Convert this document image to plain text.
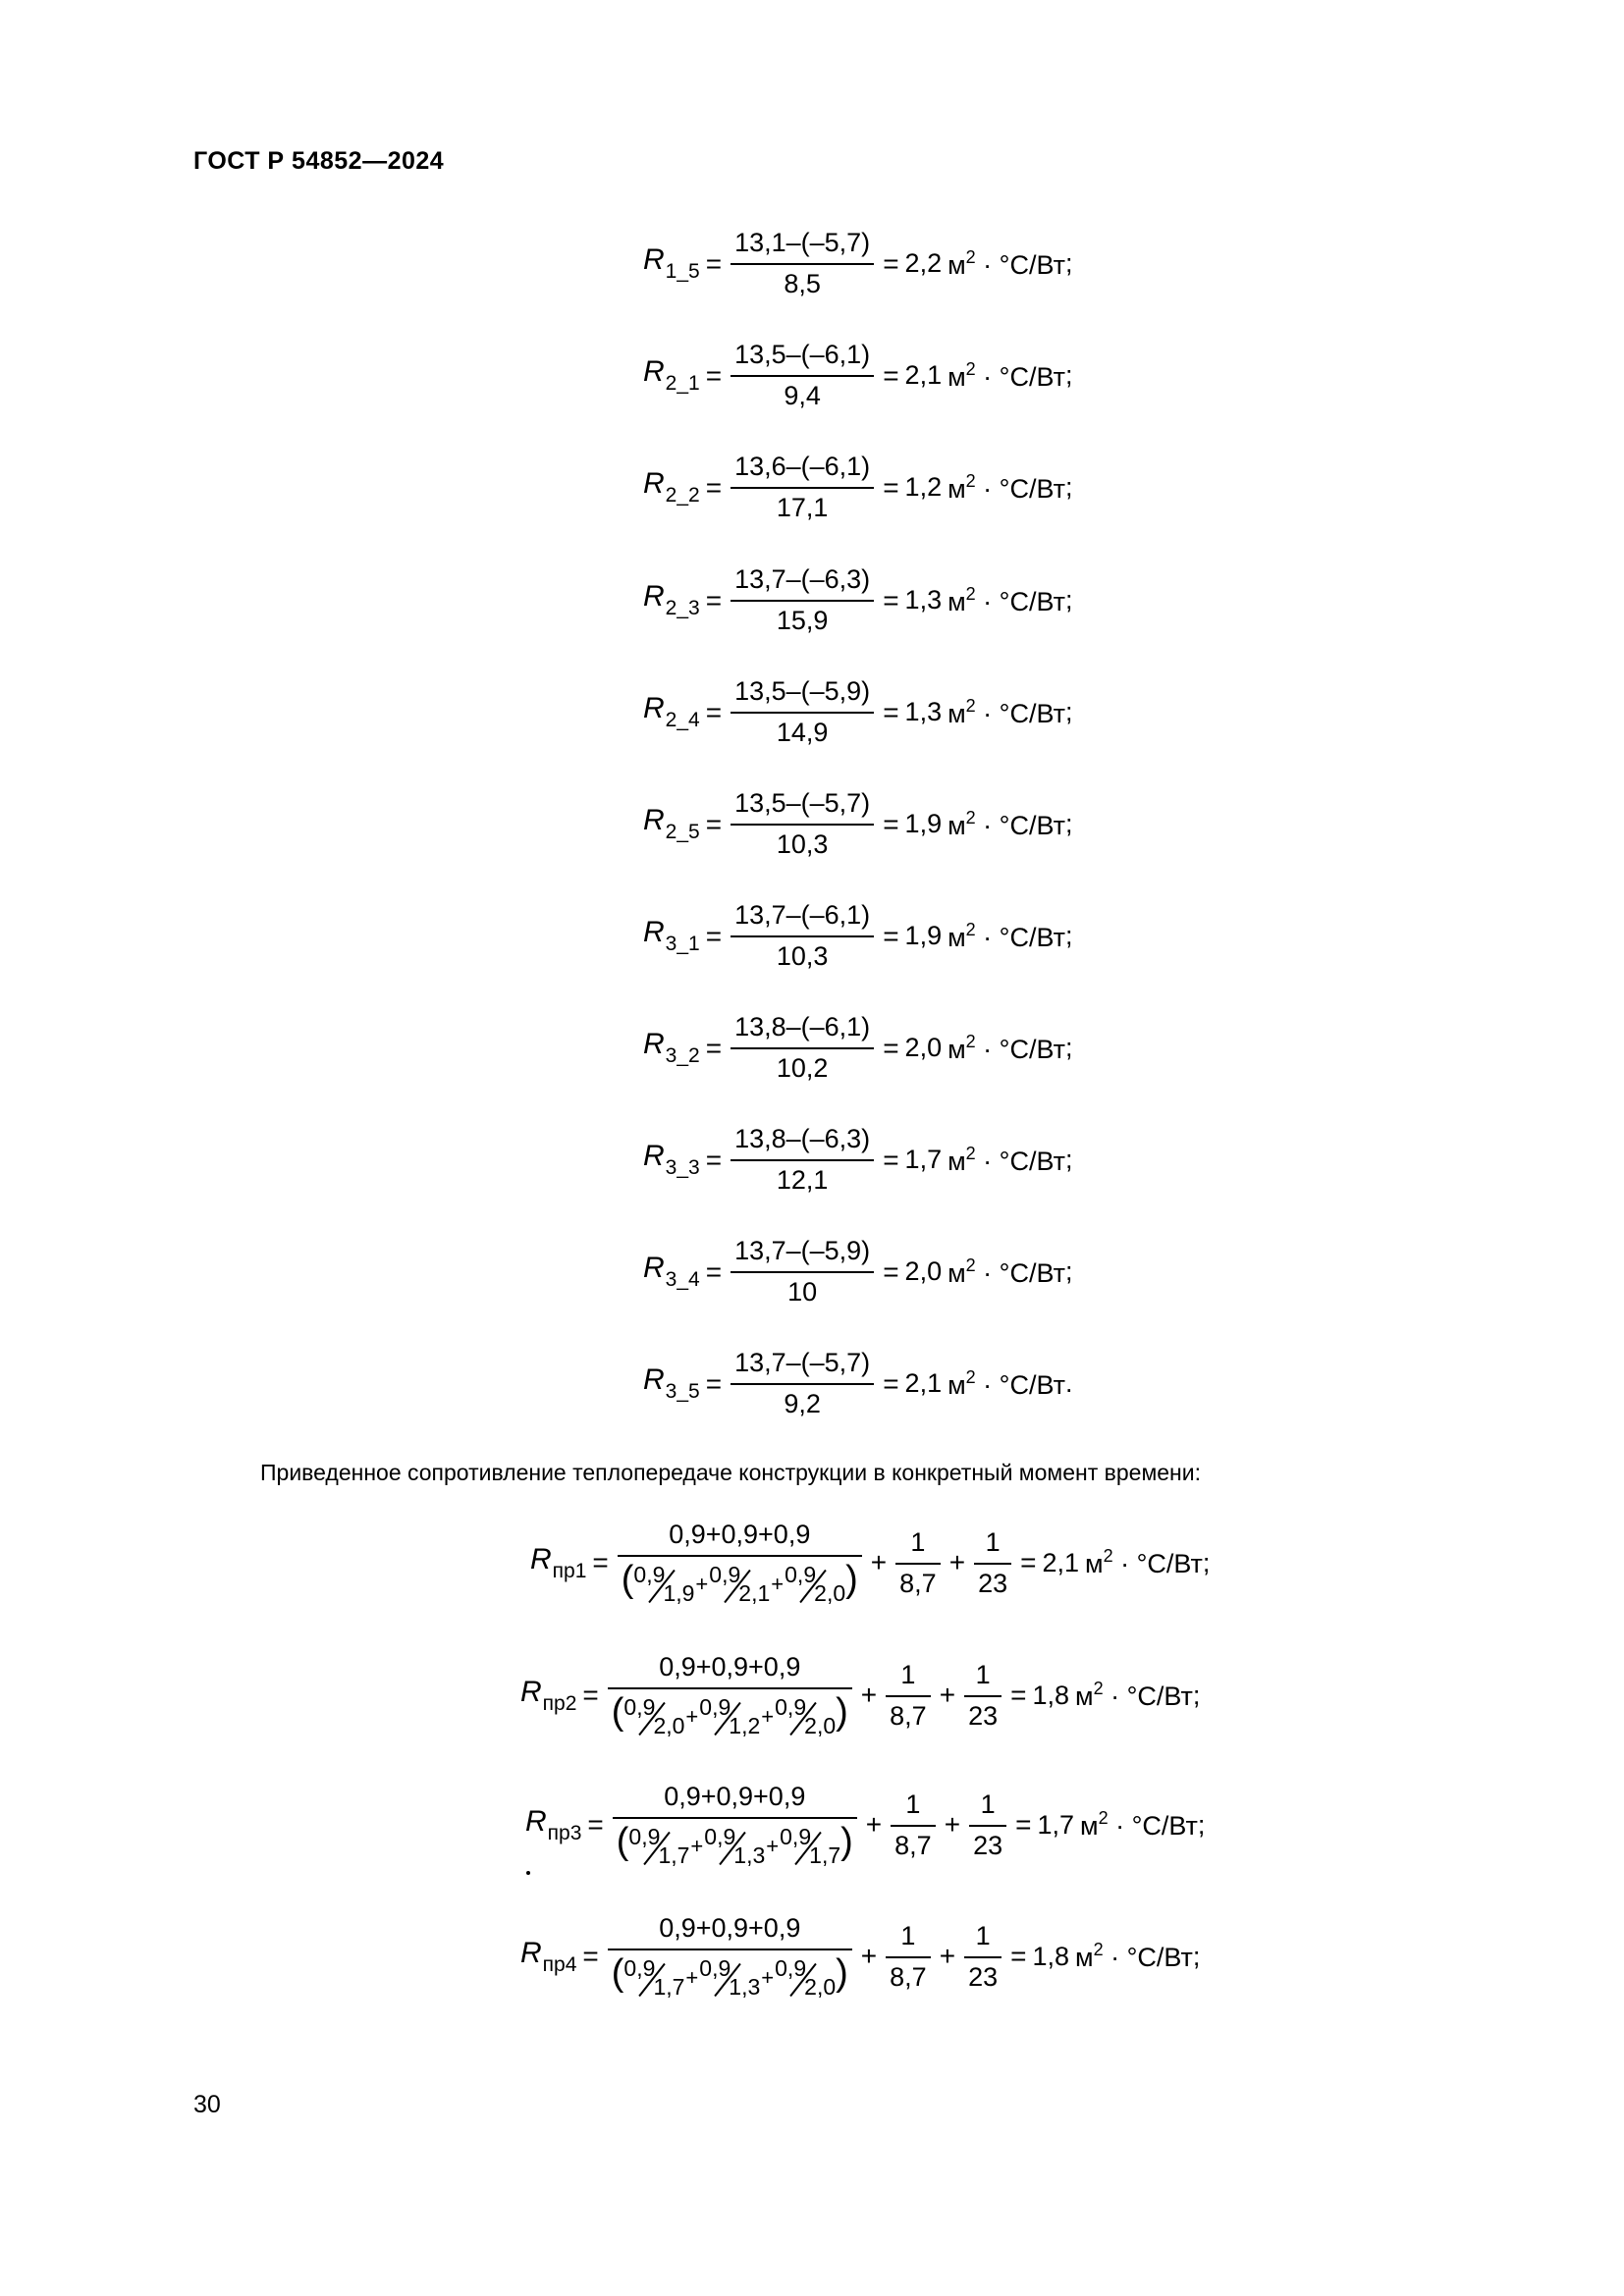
ГОСТ Р 54852—2024
$R_{1\_5} = \frac{13,1-(-5,7)}{8,5} = 2,2$ $м^2 \cdot ^\circ С/Вт$ ;
$R_{2\_1} = \frac{13,5-(-6,1)}{9,4} = 2,1$ $м^2 \cdot ^\circ С/Вт$ ;
$R_{2\_2} = \frac{13,6-(-6,1)}{17,1} = 1,2$ $м^2 \cdot ^\circ С/Вт$ ;
$R_{2\_3} = \frac{13,7-(-6,3)}{15,9} = 1,3$ $м^2 \cdot ^\circ С/Вт$ ;
$R_{2\_4} = \frac{13,5-(-5,9)}{14,9} = 1,3$ $м^2 \cdot ^\circ С/Вт$ ;
$R_{2\_5} = \frac{13,5-(-5,7)}{10,3} = 1,9$ $м^2 \cdot ^\circ С/Вт$ ;
$R_{3\_1} = \frac{13,7-(-6,1)}{10,3} = 1,9$ $м^2 \cdot ^\circ С/Вт$ ;
$R_{3\_2} = \frac{13,8-(-6,1)}{10,2} = 2,0$ $м^2 \cdot ^\circ С/Вт$ ;
$R_{3\_3} = \frac{13,8-(-6,3)}{12,1} = 1,7$ $м^2 \cdot ^\circ С/Вт$ ;
$R_{3\_4} = \frac{13,7-(-5,9)}{10} = 2,0$ $м^2 \cdot ^\circ С/Вт$ ;
$R_{3\_5} = \frac{13,7-(-5,7)}{9,2} = 2,1$ $м^2 \cdot ^\circ С/Вт$ .
Приведенное сопротивление теплопередаче конструкции в конкретный момент времени:
$R_{пр1} = 0,9+0,9+0,9$
( 0,9
1,9 + 0,9
2,1 + 0,9
2,0 ) + $\frac{1}{8,7} + \frac{1}{23} = 2,1$ $м^2 \cdot ^\circ С/Вт$ ;
$R_{пр2} = 0,9+0,9+0,9$
( 0,9
2,0 + 0,9
1,2 + 0,9
2,0 ) + $\frac{1}{8,7} + \frac{1}{23} = 1,8$ $м^2 \cdot ^\circ С/Вт$ ;
$R_{пр3} = 0,9+0,9+0,9$
( 0,9
1,7 + 0,9
1,3 + 0,9
1,7 ) + $\frac{1}{8,7} + \frac{1}{23} = 1,7$ $м^2 \cdot ^\circ С/Вт$ ;
$R_{пр4} = 0,9+0,9+0,9$
( 0,9
1,7 + 0,9
1,3 + 0,9
2,0 ) + $\frac{1}{8,7} + \frac{1}{23} = 1,8$ $м^2 \cdot ^\circ С/Вт$ ;
30
